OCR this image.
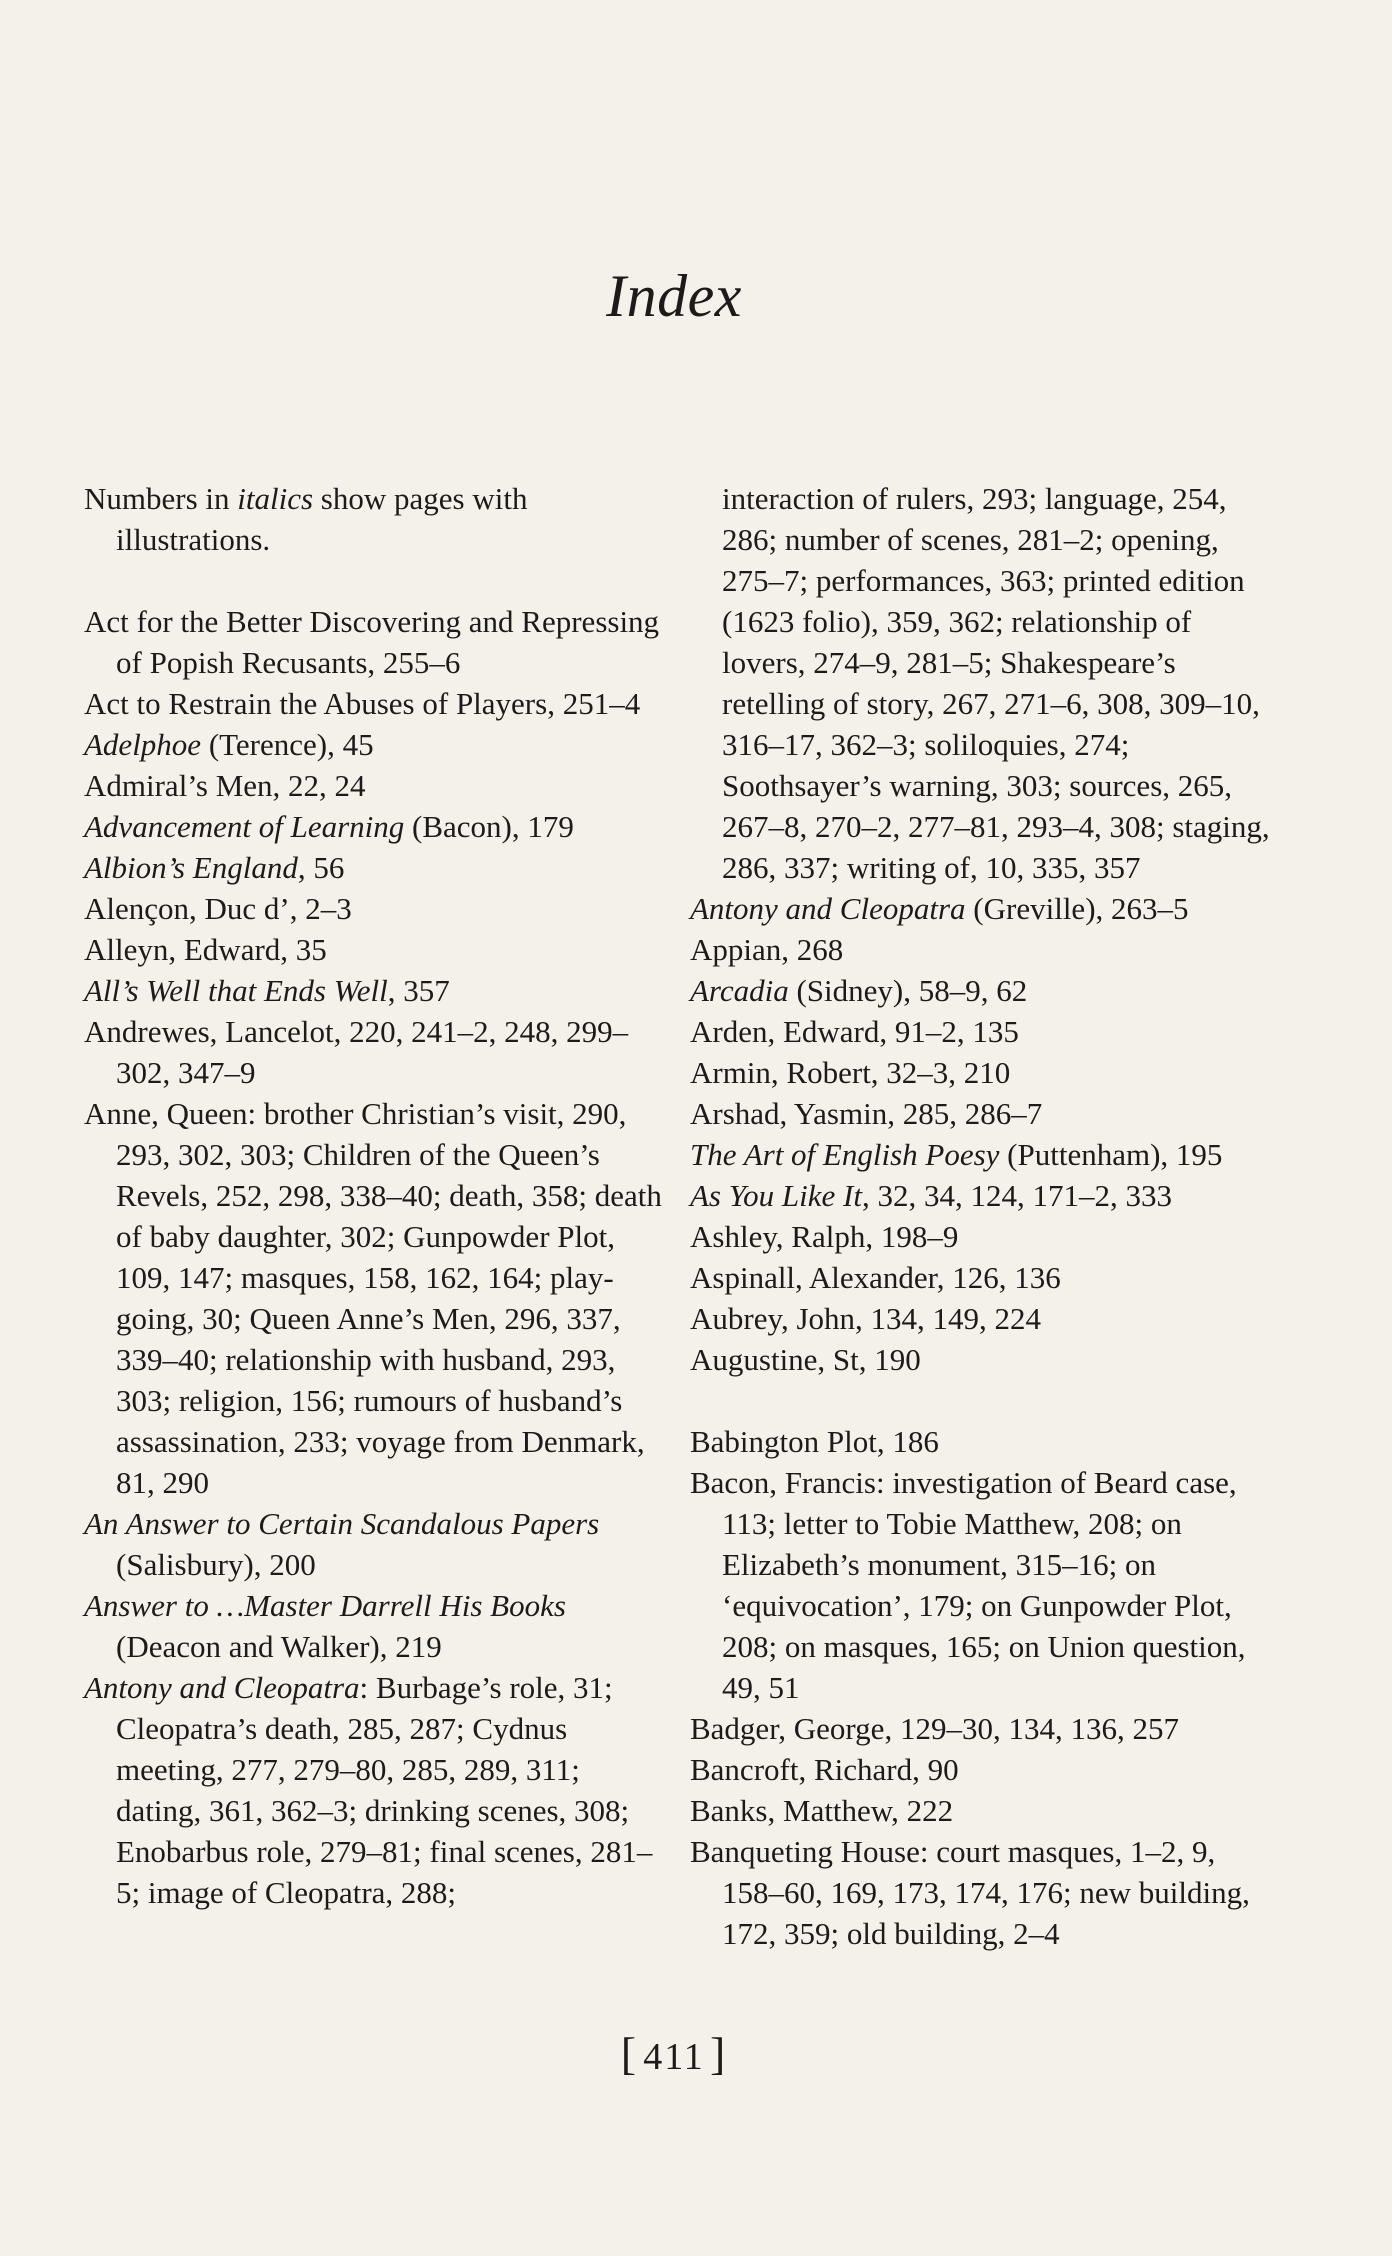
Index

Numbers in italics show pages with illustrations.

Act for the Better Discovering and Repressing of Popish Recusants, 255–6

Act to Restrain the Abuses of Players, 251–4

Adelphoe (Terence), 45

Admiral’s Men, 22, 24

Advancement of Learning (Bacon), 179

Albion’s England, 56

Alençon, Duc d’, 2–3

Alleyn, Edward, 35

All’s Well that Ends Well, 357

Andrewes, Lancelot, 220, 241–2, 248, 299–302, 347–9

Anne, Queen: brother Christian’s visit, 290, 293, 302, 303; Children of the Queen’s Revels, 252, 298, 338–40; death, 358; death of baby daughter, 302; Gunpowder Plot, 109, 147; masques, 158, 162, 164; play-going, 30; Queen Anne’s Men, 296, 337, 339–40; relationship with husband, 293, 303; religion, 156; rumours of husband’s assassination, 233; voyage from Denmark, 81, 290

An Answer to Certain Scandalous Papers (Salisbury), 200

Answer to …Master Darrell His Books (Deacon and Walker), 219

Antony and Cleopatra: Burbage’s role, 31; Cleopatra’s death, 285, 287; Cydnus meeting, 277, 279–80, 285, 289, 311; dating, 361, 362–3; drinking scenes, 308; Enobarbus role, 279–81; final scenes, 281–5; image of Cleopatra, 288;

interaction of rulers, 293; language, 254, 286; number of scenes, 281–2; opening, 275–7; performances, 363; printed edition (1623 folio), 359, 362; relationship of lovers, 274–9, 281–5; Shakespeare’s retelling of story, 267, 271–6, 308, 309–10, 316–17, 362–3; soliloquies, 274; Soothsayer’s warning, 303; sources, 265, 267–8, 270–2, 277–81, 293–4, 308; staging, 286, 337; writing of, 10, 335, 357

Antony and Cleopatra (Greville), 263–5

Appian, 268

Arcadia (Sidney), 58–9, 62

Arden, Edward, 91–2, 135

Armin, Robert, 32–3, 210

Arshad, Yasmin, 285, 286–7

The Art of English Poesy (Puttenham), 195

As You Like It, 32, 34, 124, 171–2, 333

Ashley, Ralph, 198–9

Aspinall, Alexander, 126, 136

Aubrey, John, 134, 149, 224

Augustine, St, 190

Babington Plot, 186

Bacon, Francis: investigation of Beard case, 113; letter to Tobie Matthew, 208; on Elizabeth’s monument, 315–16; on ‘equivocation’, 179; on Gunpowder Plot, 208; on masques, 165; on Union question, 49, 51

Badger, George, 129–30, 134, 136, 257

Bancroft, Richard, 90

Banks, Matthew, 222

Banqueting House: court masques, 1–2, 9, 158–60, 169, 173, 174, 176; new building, 172, 359; old building, 2–4

[  411  ]
